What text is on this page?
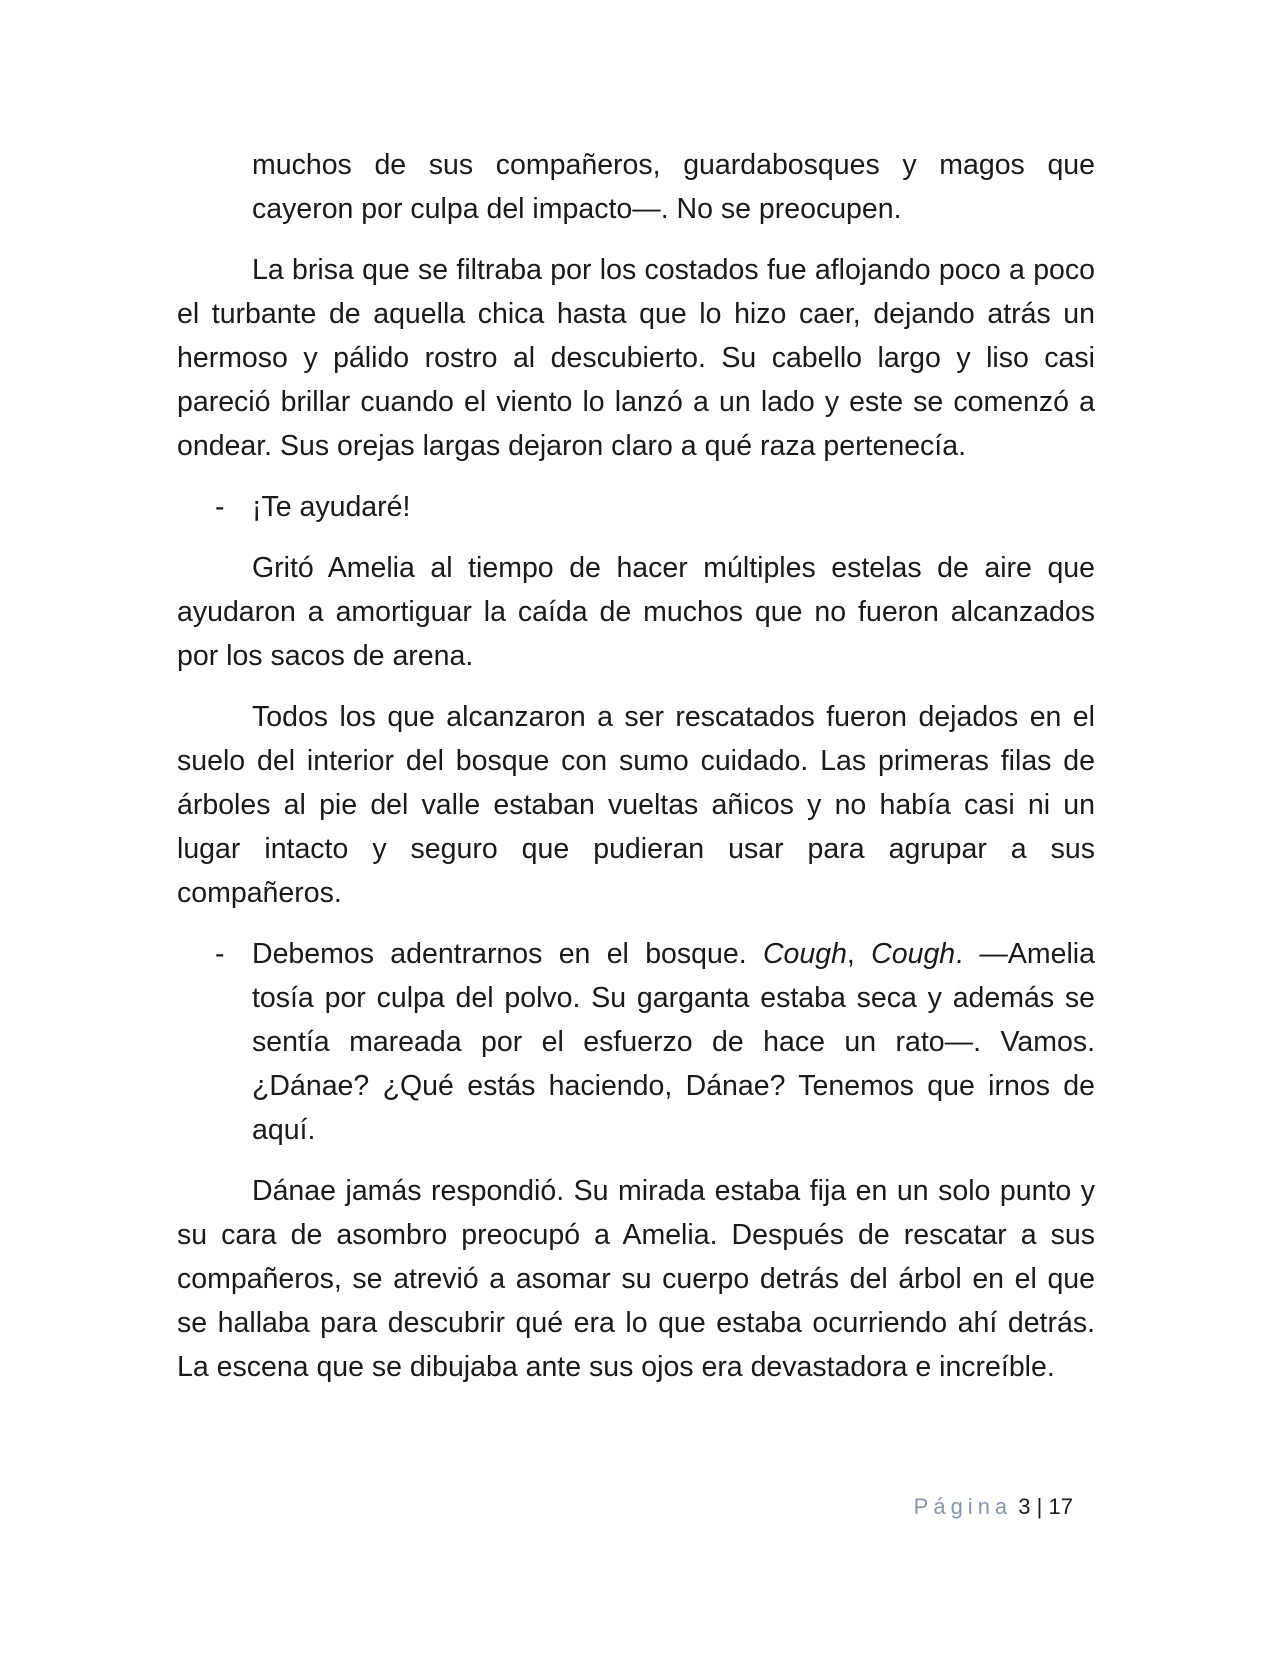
muchos de sus compañeros, guardabosques y magos que cayeron por culpa del impacto—. No se preocupen.

La brisa que se filtraba por los costados fue aflojando poco a poco el turbante de aquella chica hasta que lo hizo caer, dejando atrás un hermoso y pálido rostro al descubierto. Su cabello largo y liso casi pareció brillar cuando el viento lo lanzó a un lado y este se comenzó a ondear. Sus orejas largas dejaron claro a qué raza pertenecía.

- ¡Te ayudaré!

Gritó Amelia al tiempo de hacer múltiples estelas de aire que ayudaron a amortiguar la caída de muchos que no fueron alcanzados por los sacos de arena.

Todos los que alcanzaron a ser rescatados fueron dejados en el suelo del interior del bosque con sumo cuidado. Las primeras filas de árboles al pie del valle estaban vueltas añicos y no había casi ni un lugar intacto y seguro que pudieran usar para agrupar a sus compañeros.

- Debemos adentrarnos en el bosque. Cough, Cough. —Amelia tosía por culpa del polvo. Su garganta estaba seca y además se sentía mareada por el esfuerzo de hace un rato—. Vamos. ¿Dánae? ¿Qué estás haciendo, Dánae? Tenemos que irnos de aquí.

Dánae jamás respondió. Su mirada estaba fija en un solo punto y su cara de asombro preocupó a Amelia. Después de rescatar a sus compañeros, se atrevió a asomar su cuerpo detrás del árbol en el que se hallaba para descubrir qué era lo que estaba ocurriendo ahí detrás. La escena que se dibujaba ante sus ojos era devastadora e increíble.

Página 3 | 17
